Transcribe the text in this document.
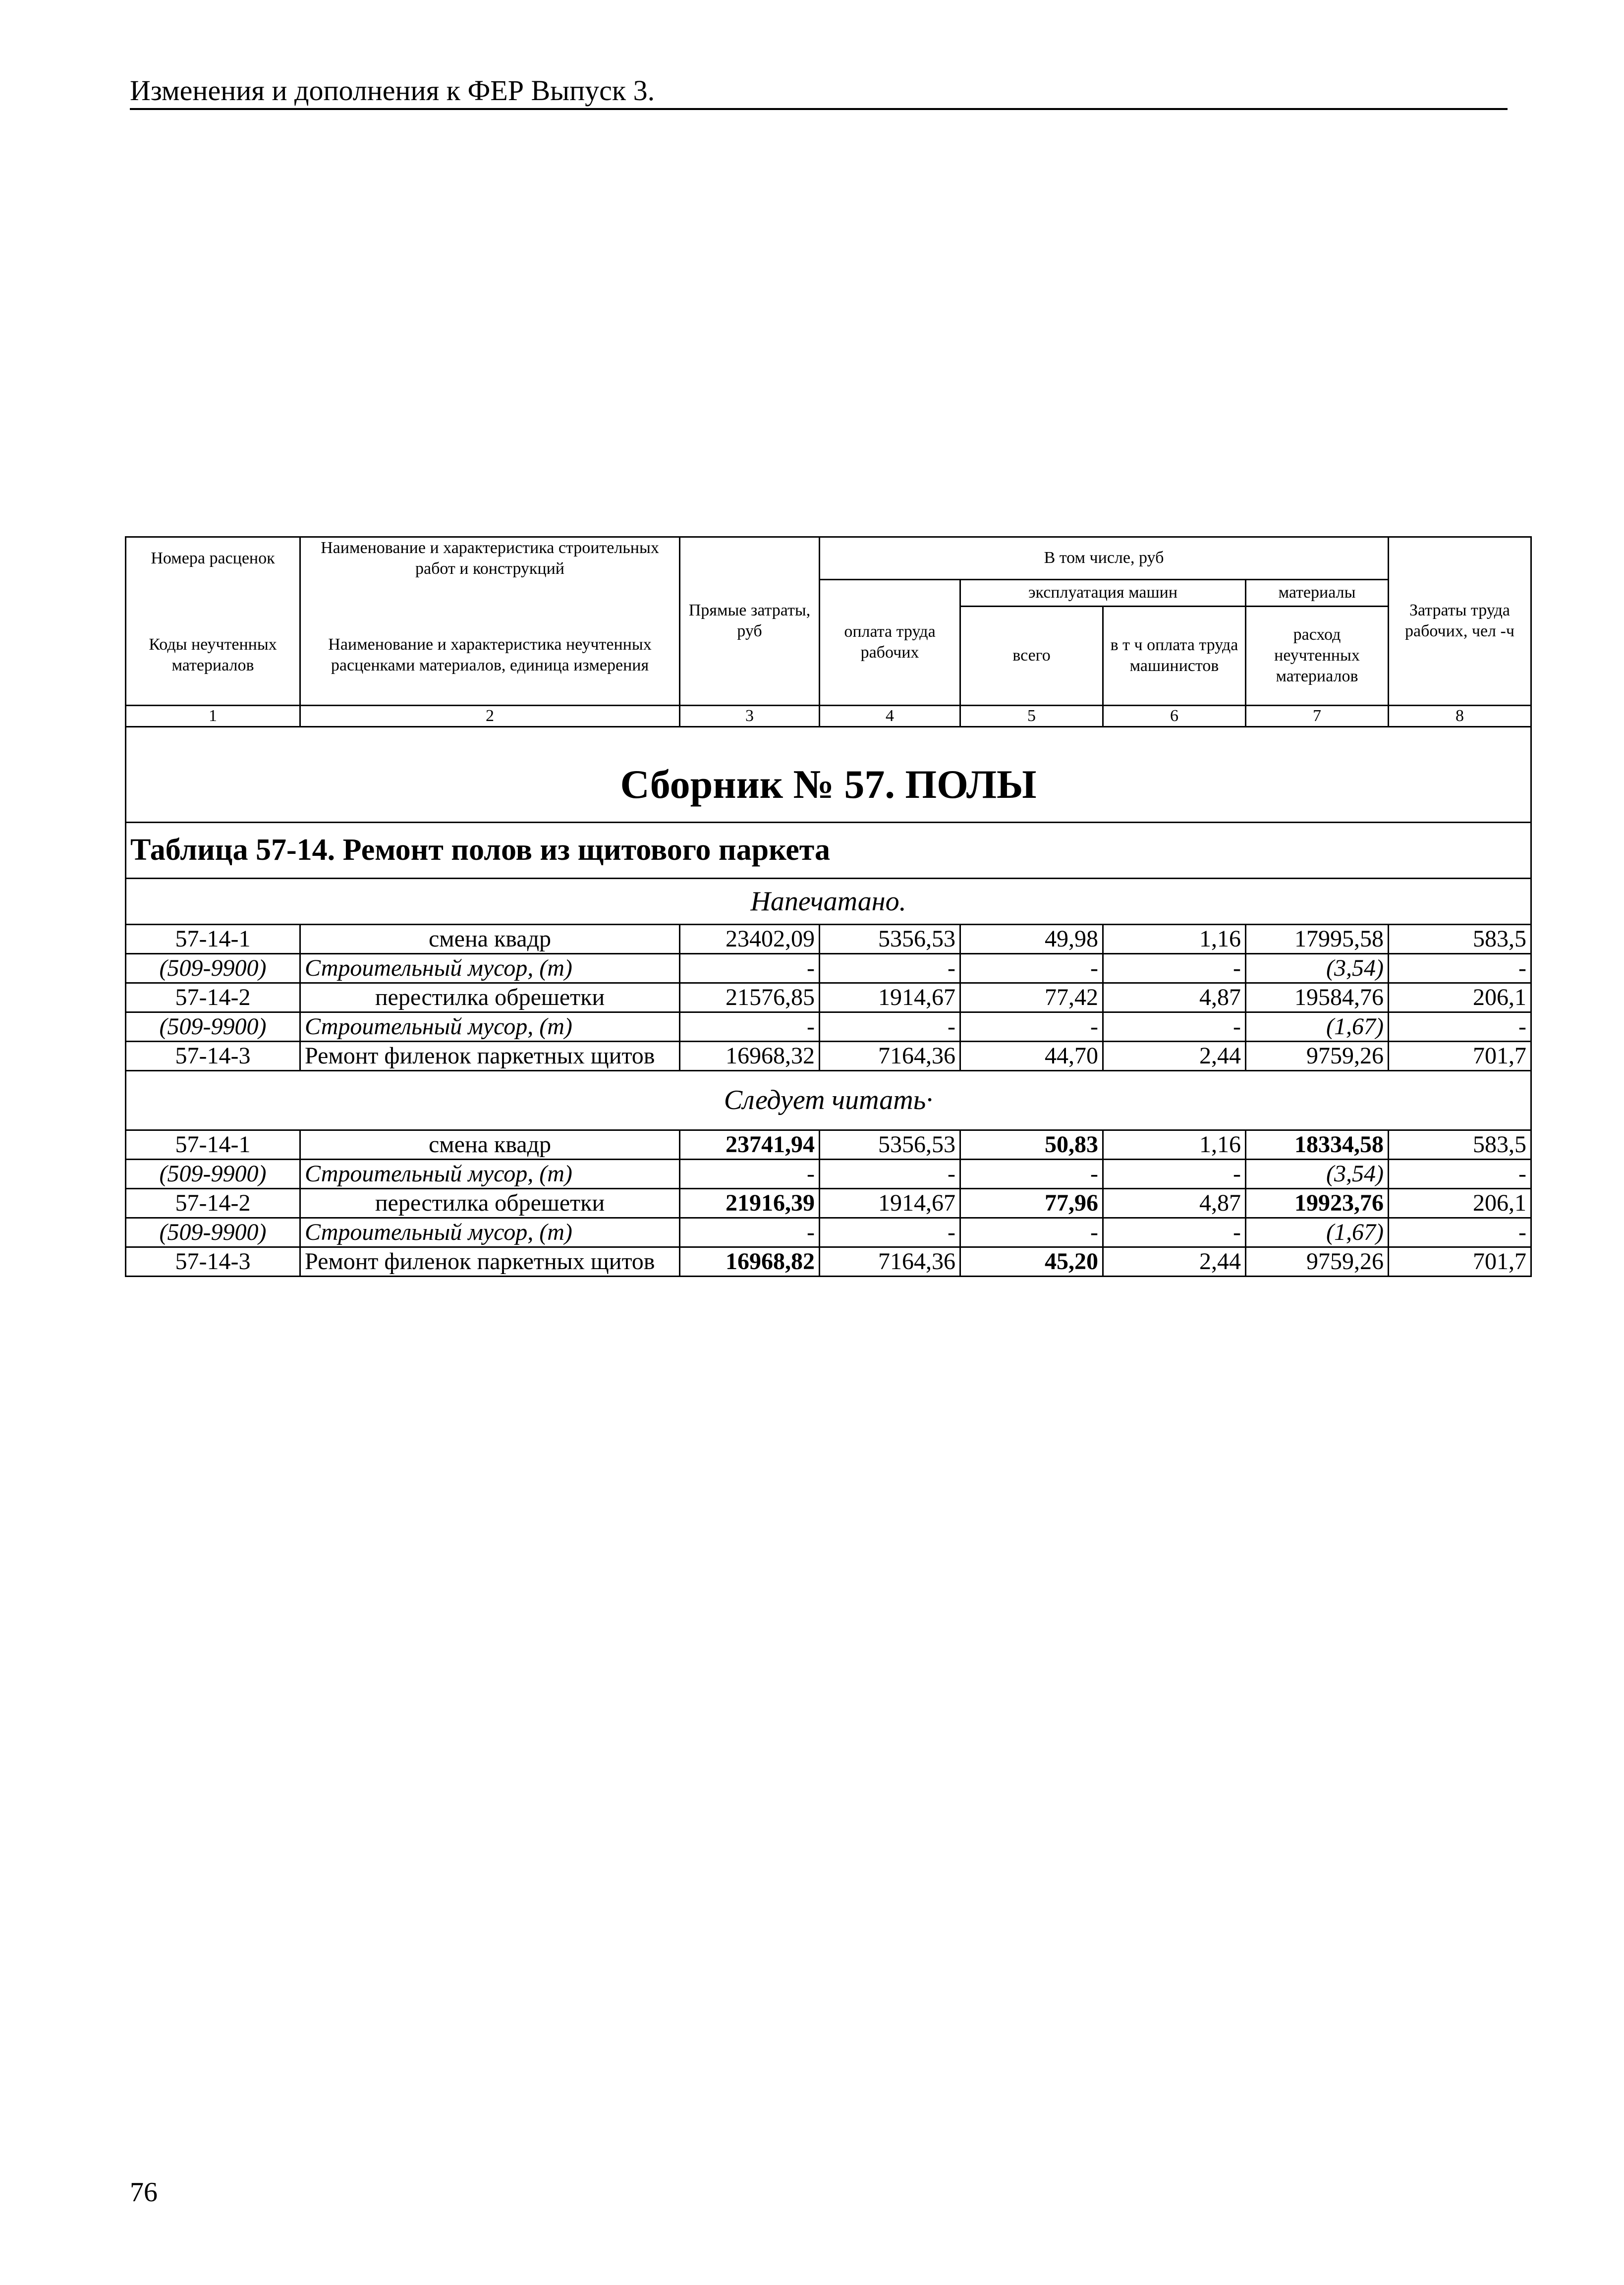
Изменения и дополнения к ФЕР Выпуск 3.
Номера расценок	Наименование и характеристика строительных работ и конструкций	Прямые затраты, руб	В том числе, руб				Затраты труда рабочих, чел -ч
			оплата труда рабочих	эксплуатация машин		материалы	
Коды неучтенных материалов	Наименование и характеристика неучтенных расценками материалов, единица измерения			всего	в т ч оплата труда машинистов	расход неучтенных материалов	
1	2	3	4	5	6	7	8
Сборник № 57. ПОЛЫ							
Таблица 57-14. Ремонт полов из щитового паркета							
Напечатано.							
57-14-1	смена квадр	23402,09	5356,53	49,98	1,16	17995,58	583,5
(509-9900)	Строительный мусор, (т)	-	-	-	-	(3,54)	-
57-14-2	перестилка обрешетки	21576,85	1914,67	77,42	4,87	19584,76	206,1
(509-9900)	Строительный мусор, (т)	-	-	-	-	(1,67)	-
57-14-3	Ремонт филенок паркетных щитов	16968,32	7164,36	44,70	2,44	9759,26	701,7
Следует читать·							
57-14-1	смена квадр	23741,94	5356,53	50,83	1,16	18334,58	583,5
(509-9900)	Строительный мусор, (т)	-	-	-	-	(3,54)	-
57-14-2	перестилка обрешетки	21916,39	1914,67	77,96	4,87	19923,76	206,1
(509-9900)	Строительный мусор, (т)	-	-	-	-	(1,67)	-
57-14-3	Ремонт филенок паркетных щитов	16968,82	7164,36	45,20	2,44	9759,26	701,7
76
